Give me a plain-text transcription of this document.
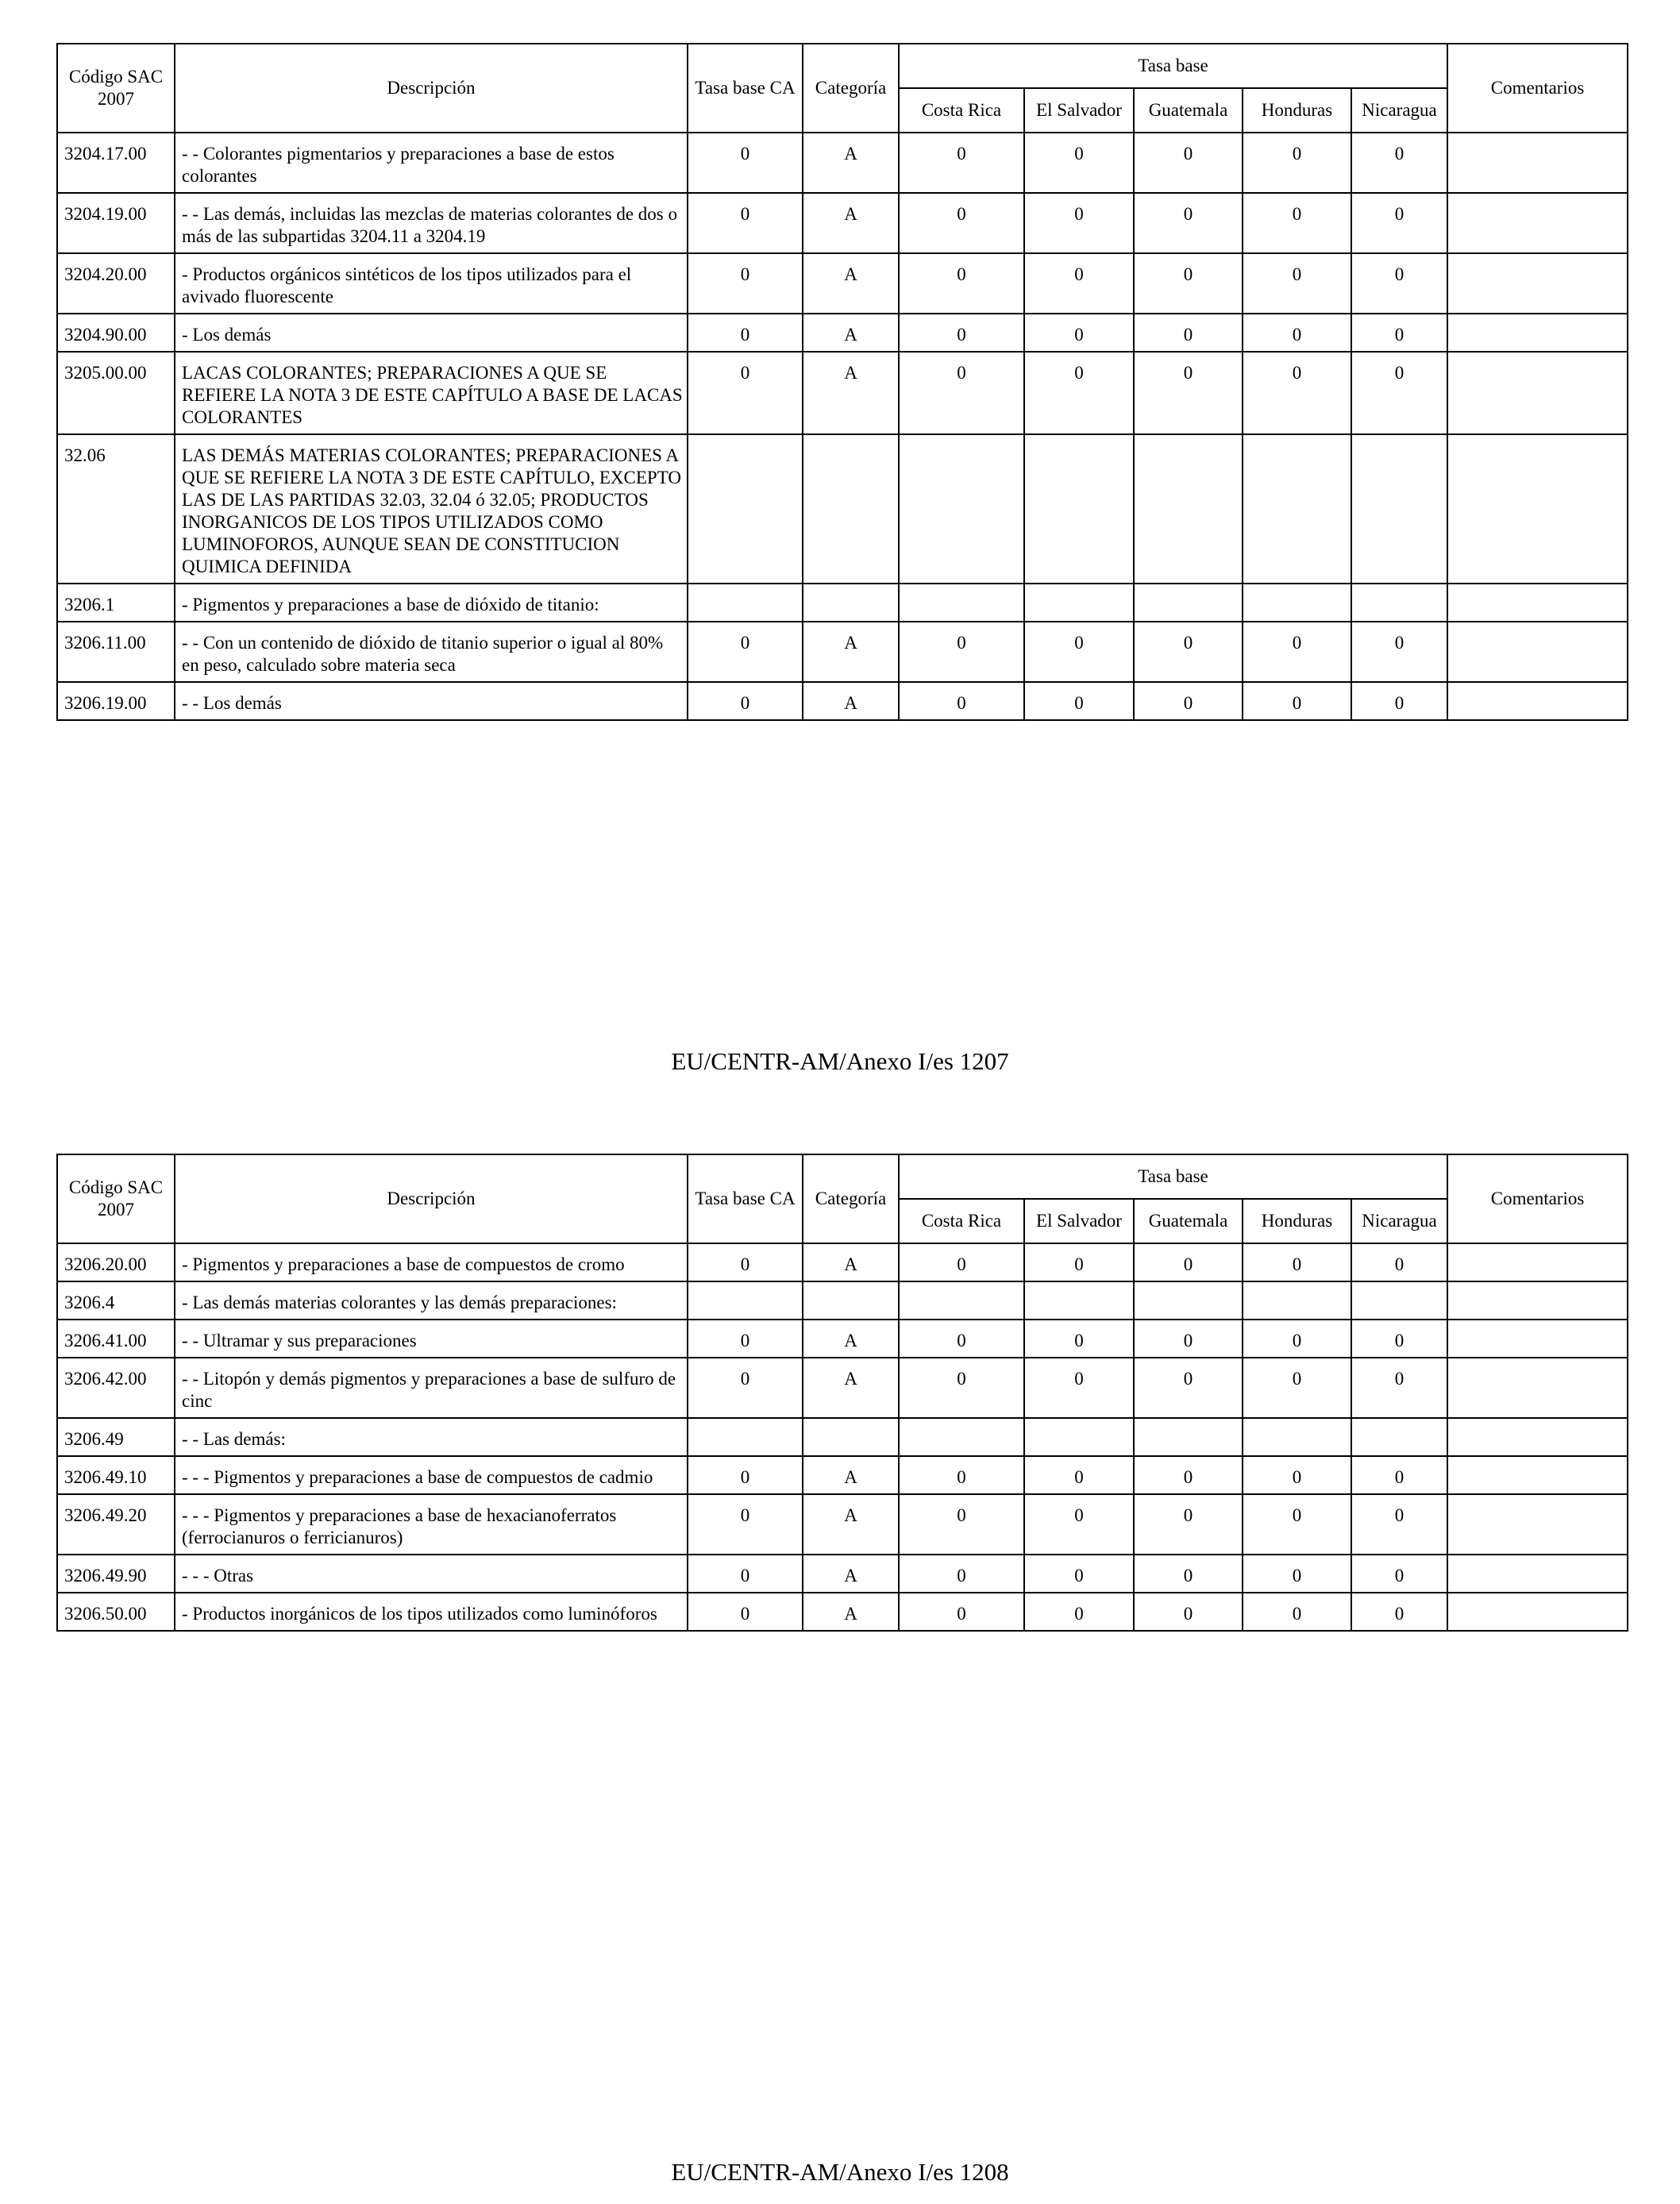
Código SAC 2007	Descripción	Tasa base CA	Categoría	Tasa base					Comentarios
				Costa Rica	El Salvador	Guatemala	Honduras	Nicaragua	
3204.17.00	- - Colorantes pigmentarios y preparaciones a base de estos colorantes	0	A	0	0	0	0	0	
3204.19.00	- - Las demás, incluidas las mezclas de materias colorantes de dos o más de las subpartidas 3204.11 a 3204.19	0	A	0	0	0	0	0	
3204.20.00	- Productos orgánicos sintéticos de los tipos utilizados para el avivado fluorescente	0	A	0	0	0	0	0	
3204.90.00	- Los demás	0	A	0	0	0	0	0	
3205.00.00	LACAS COLORANTES; PREPARACIONES A QUE SE REFIERE LA NOTA 3 DE ESTE CAPÍTULO A BASE DE LACAS COLORANTES	0	A	0	0	0	0	0	
32.06	LAS DEMÁS MATERIAS COLORANTES; PREPARACIONES A QUE SE REFIERE LA NOTA 3 DE ESTE CAPÍTULO, EXCEPTO LAS DE LAS PARTIDAS 32.03, 32.04 ó 32.05; PRODUCTOS INORGANICOS DE LOS TIPOS UTILIZADOS COMO LUMINOFOROS, AUNQUE SEAN DE CONSTITUCION QUIMICA DEFINIDA								
3206.1	- Pigmentos y preparaciones a base de dióxido de titanio:								
3206.11.00	- - Con un contenido de dióxido de titanio superior o igual al 80% en peso, calculado sobre materia seca	0	A	0	0	0	0	0	
3206.19.00	- - Los demás	0	A	0	0	0	0	0	
EU/CENTR-AM/Anexo I/es 1207
Código SAC 2007	Descripción	Tasa base CA	Categoría	Tasa base					Comentarios
				Costa Rica	El Salvador	Guatemala	Honduras	Nicaragua	
3206.20.00	- Pigmentos y preparaciones a base de compuestos de cromo	0	A	0	0	0	0	0	
3206.4	- Las demás materias colorantes y las demás preparaciones:								
3206.41.00	- - Ultramar y sus preparaciones	0	A	0	0	0	0	0	
3206.42.00	- - Litopón y demás pigmentos y preparaciones a base de sulfuro de cinc	0	A	0	0	0	0	0	
3206.49	- - Las demás:								
3206.49.10	- - - Pigmentos y preparaciones a base de compuestos de cadmio	0	A	0	0	0	0	0	
3206.49.20	- - - Pigmentos y preparaciones a base de hexacianoferratos (ferrocianuros o ferricianuros)	0	A	0	0	0	0	0	
3206.49.90	- - - Otras	0	A	0	0	0	0	0	
3206.50.00	- Productos inorgánicos de los tipos utilizados como luminóforos	0	A	0	0	0	0	0	
EU/CENTR-AM/Anexo I/es 1208
